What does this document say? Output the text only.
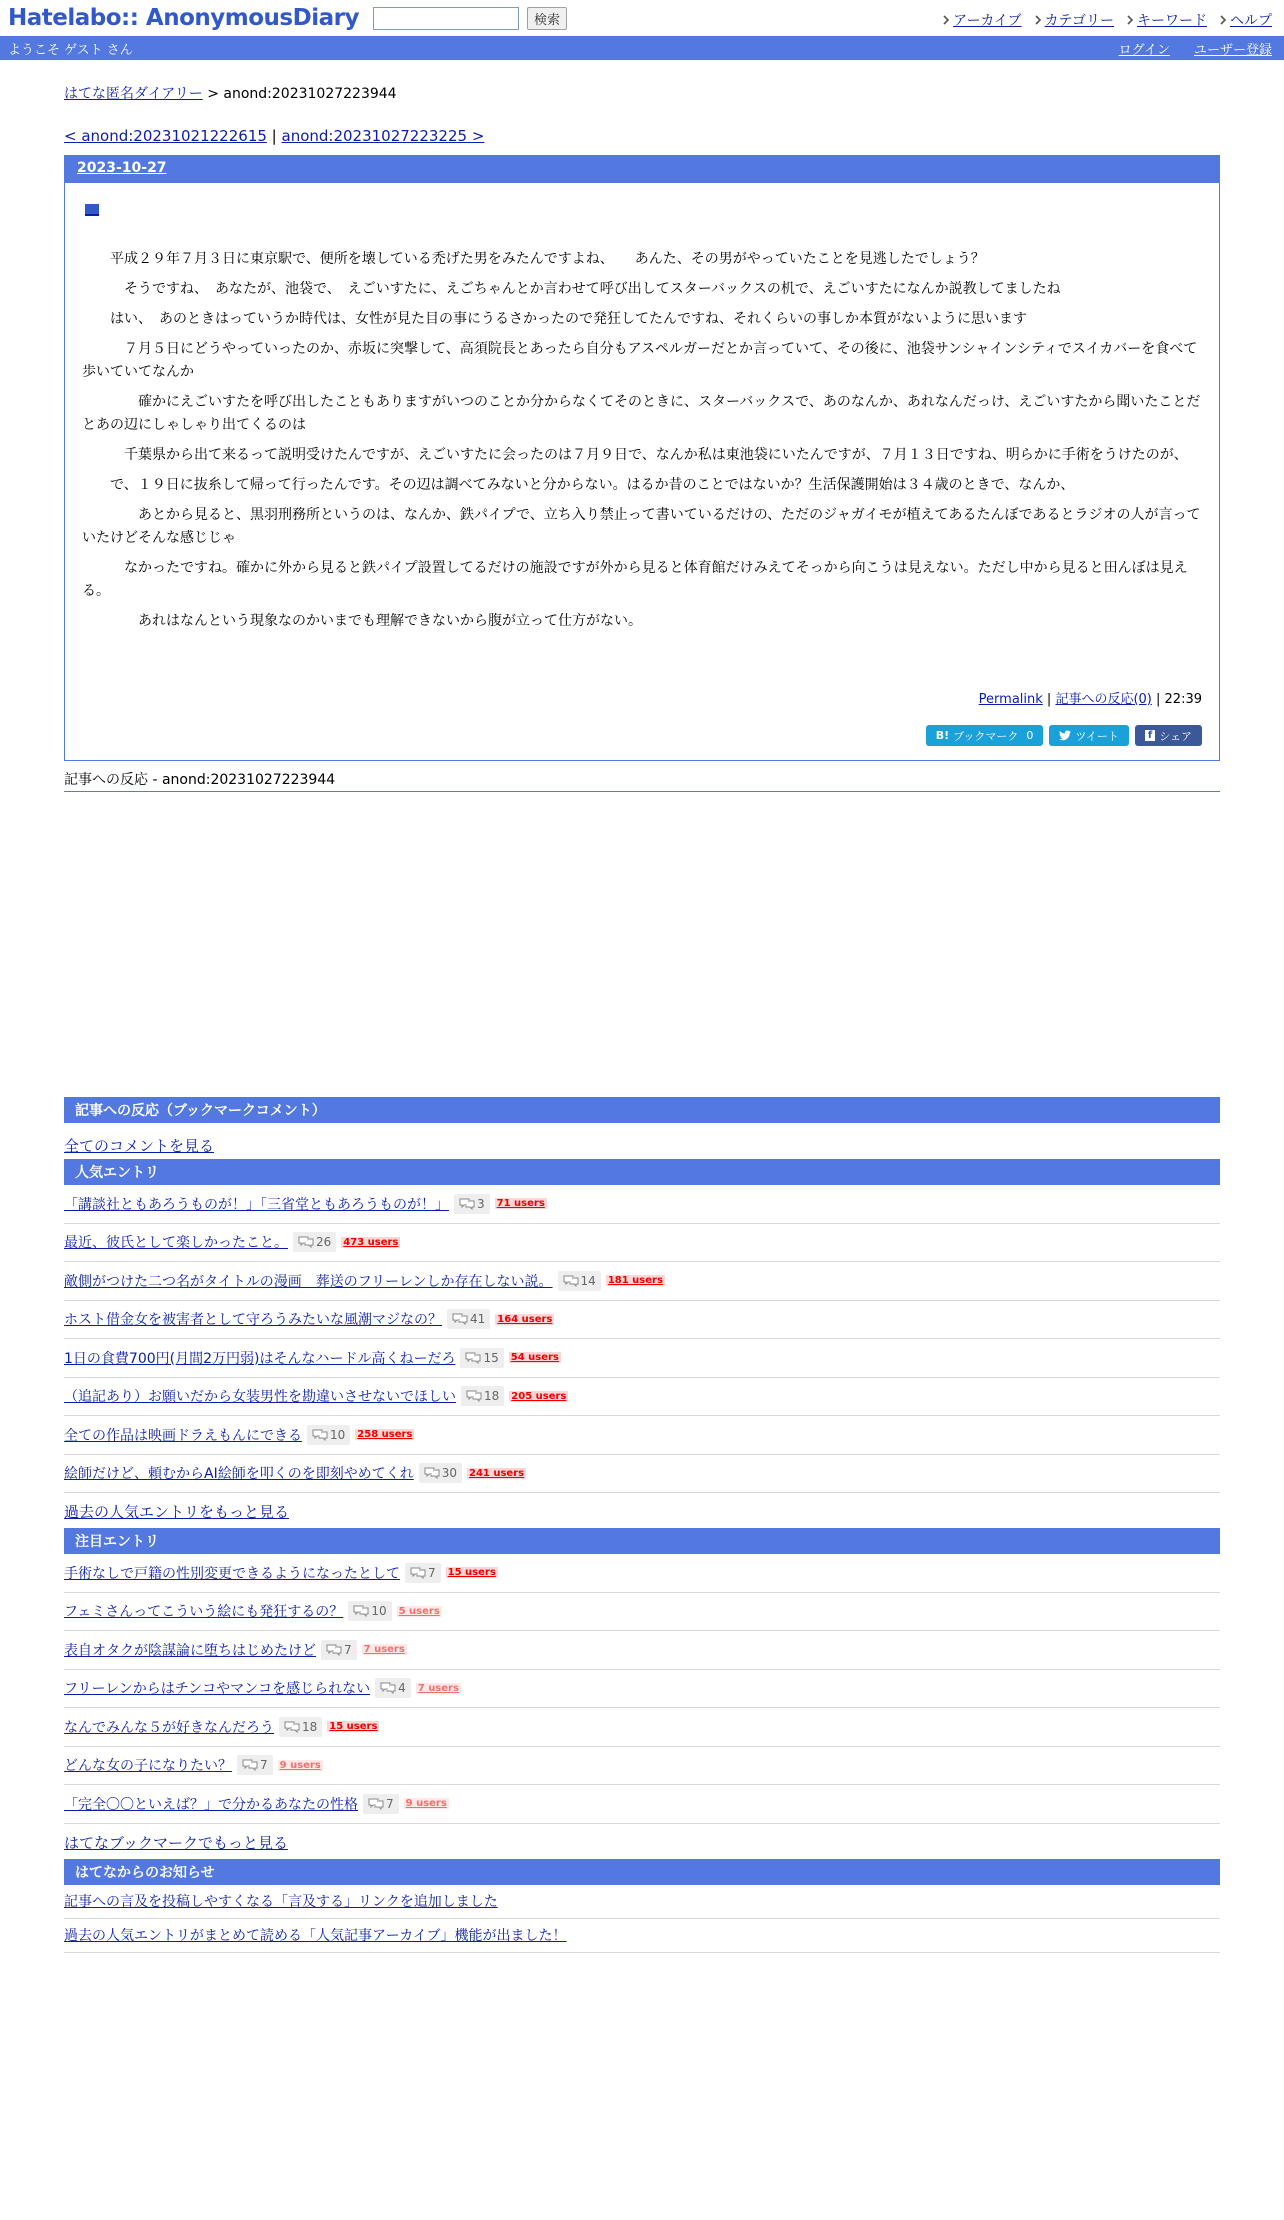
Hatelabo:: AnonymousDiary	検索	アーカイブ カテゴリー キーワード ヘルプ
ようこそ ゲスト さん	ログイン ユーザー登録
はてな匿名ダイアリー > anond:20231027223944
< anond:20231021222615 | anond:20231027223225 >
2023-10-27

　　平成２９年７月３日に東京駅で、便所を壊している禿げた男をみたんですよね、　　あんた、その男がやっていたことを見逃したでしょう？

　　　そうですね、　あなたが、池袋で、　えごいすたに、えごちゃんとか言わせて呼び出してスターバックスの机で、えごいすたになんか説教してましたね

　　はい、　あのときはっていうか時代は、女性が見た目の事にうるさかったので発狂してたんですね、それくらいの事しか本質がないように思います

　　　７月５日にどうやっていったのか、赤坂に突撃して、高須院長とあったら自分もアスペルガーだとか言っていて、その後に、池袋サンシャインシティでスイカバーを食べて歩いていてなんか

　　　　確かにえごいすたを呼び出したこともありますがいつのことか分からなくてそのときに、スターバックスで、あのなんか、あれなんだっけ、えごいすたから聞いたことだとあの辺にしゃしゃり出てくるのは

　　　千葉県から出て来るって説明受けたんですが、えごいすたに会ったのは７月９日で、なんか私は東池袋にいたんですが、７月１３日ですね、明らかに手術をうけたのが、

　　で、１９日に抜糸して帰って行ったんです。その辺は調べてみないと分からない。はるか昔のことではないか？生活保護開始は３４歳のときで、なんか、

　　　　あとから見ると、黒羽刑務所というのは、なんか、鉄パイプで、立ち入り禁止って書いているだけの、ただのジャガイモが植えてあるたんぼであるとラジオの人が言っていたけどそんな感じじゃ

　　　なかったですね。確かに外から見ると鉄パイプ設置してるだけの施設ですが外から見ると体育館だけみえてそっから向こうは見えない。ただし中から見ると田んぼは見える。

　　　　あれはなんという現象なのかいまでも理解できないから腹が立って仕方がない。

Permalink | 記事への反応(0) | 22:39
B! ブックマーク 0	ツイート	f シェア
記事への反応 - anond:20231027223944
記事への反応（ブックマークコメント）
全てのコメントを見る
人気エントリ
「講談社ともあろうものが！」「三省堂ともあろうものが！」 3 71 users
最近、彼氏として楽しかったこと。 26 473 users
敵側がつけた二つ名がタイトルの漫画　葬送のフリーレンしか存在しない説。 14 181 users
ホスト借金女を被害者として守ろうみたいな風潮マジなの？ 41 164 users
1日の食費700円(月間2万円弱)はそんなハードル高くねーだろ 15 54 users
（追記あり）お願いだから女装男性を勘違いさせないでほしい 18 205 users
全ての作品は映画ドラえもんにできる 10 258 users
絵師だけど、頼むからAI絵師を叩くのを即刻やめてくれ 30 241 users
過去の人気エントリをもっと見る
注目エントリ
手術なしで戸籍の性別変更できるようになったとして 7 15 users
フェミさんってこういう絵にも発狂するの？ 10 5 users
表自オタクが陰謀論に堕ちはじめたけど 7 7 users
フリーレンからはチンコやマンコを感じられない 4 7 users
なんでみんな５が好きなんだろう 18 15 users
どんな女の子になりたい？ 7 9 users
「完全〇〇といえば？」で分かるあなたの性格 7 9 users
はてなブックマークでもっと見る
はてなからのお知らせ
記事への言及を投稿しやすくなる「言及する」リンクを追加しました
過去の人気エントリがまとめて読める「人気記事アーカイブ」機能が出ました！
